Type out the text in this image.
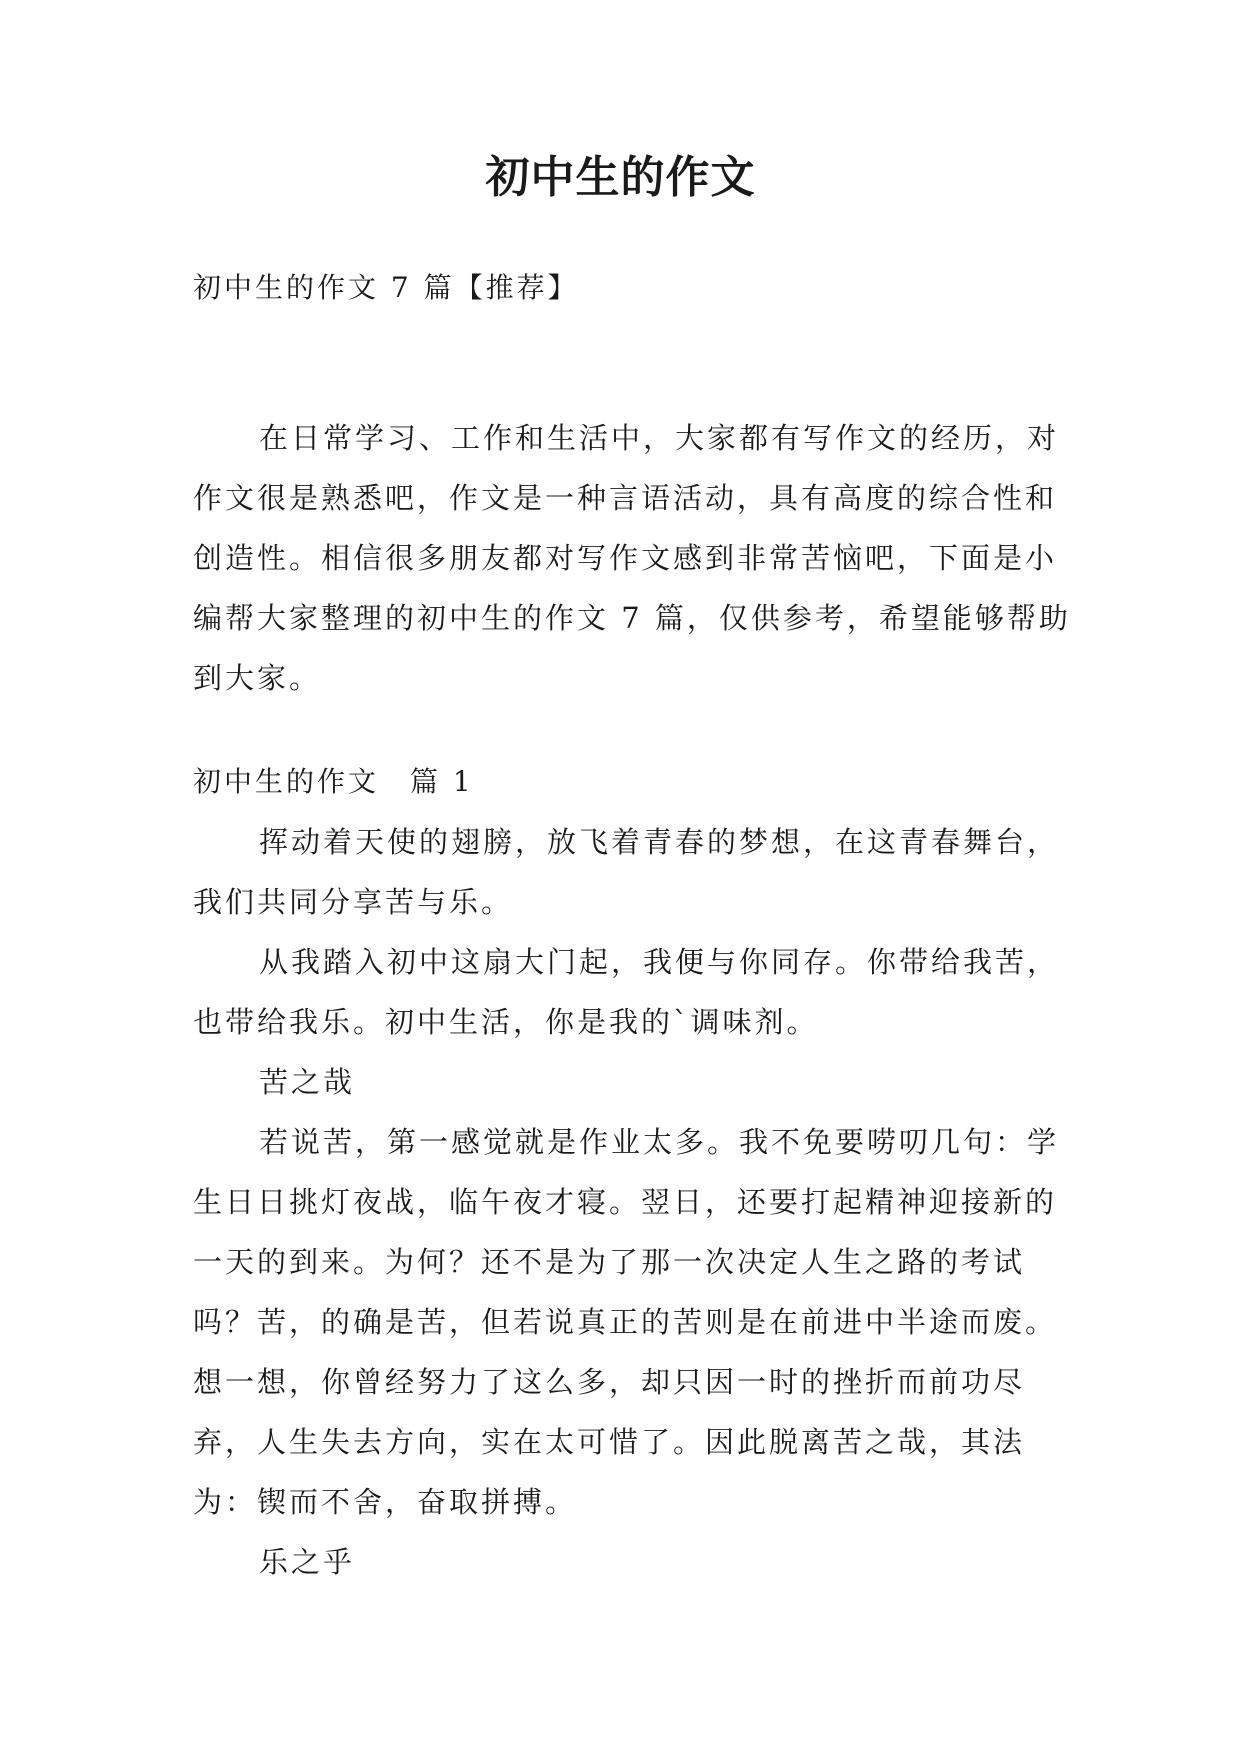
初中生的作文
初中生的作文 7 篇【推荐】

在日常学习、工作和生活中，大家都有写作文的经历，对作文很是熟悉吧，作文是一种言语活动，具有高度的综合性和创造性。相信很多朋友都对写作文感到非常苦恼吧，下面是小编帮大家整理的初中生的作文 7 篇，仅供参考，希望能够帮助到大家。

初中生的作文　篇 1

挥动着天使的翅膀，放飞着青春的梦想，在这青春舞台，我们共同分享苦与乐。

从我踏入初中这扇大门起，我便与你同存。你带给我苦，也带给我乐。初中生活，你是我的`调味剂。

苦之哉

若说苦，第一感觉就是作业太多。我不免要唠叨几句：学生日日挑灯夜战，临午夜才寝。翌日，还要打起精神迎接新的一天的到来。为何？还不是为了那一次决定人生之路的考试吗？苦，的确是苦，但若说真正的苦则是在前进中半途而废。想一想，你曾经努力了这么多，却只因一时的挫折而前功尽弃，人生失去方向，实在太可惜了。因此脱离苦之哉，其法为：锲而不舍，奋取拼搏。

乐之乎
